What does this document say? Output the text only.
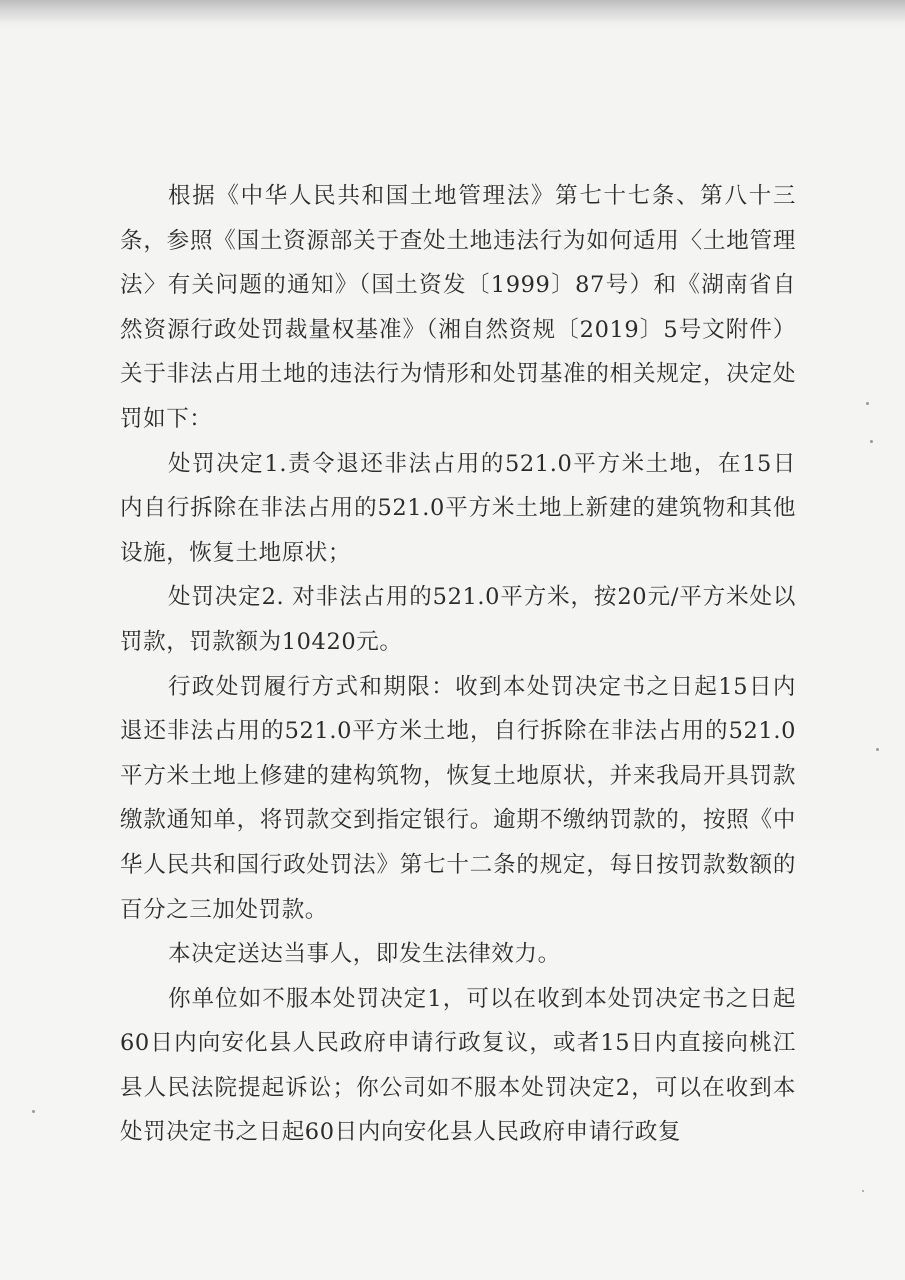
根据《中华人民共和国土地管理法》第七十七条、第八十三条，参照《国土资源部关于查处土地违法行为如何适用〈土地管理法〉有关问题的通知》（国土资发〔1999〕87号）和《湖南省自然资源行政处罚裁量权基准》（湘自然资规〔2019〕5号文附件）关于非法占用土地的违法行为情形和处罚基准的相关规定，决定处罚如下：

处罚决定1.责令退还非法占用的521.0平方米土地，在15日内自行拆除在非法占用的521.0平方米土地上新建的建筑物和其他设施，恢复土地原状；

处罚决定2. 对非法占用的521.0平方米，按20元/平方米处以罚款，罚款额为10420元。

行政处罚履行方式和期限：收到本处罚决定书之日起15日内退还非法占用的521.0平方米土地，自行拆除在非法占用的521.0平方米土地上修建的建构筑物，恢复土地原状，并来我局开具罚款缴款通知单，将罚款交到指定银行。逾期不缴纳罚款的，按照《中华人民共和国行政处罚法》第七十二条的规定，每日按罚款数额的百分之三加处罚款。

本决定送达当事人，即发生法律效力。

你单位如不服本处罚决定1，可以在收到本处罚决定书之日起60日内向安化县人民政府申请行政复议，或者15日内直接向桃江县人民法院提起诉讼；你公司如不服本处罚决定2，可以在收到本处罚决定书之日起60日内向安化县人民政府申请行政复
